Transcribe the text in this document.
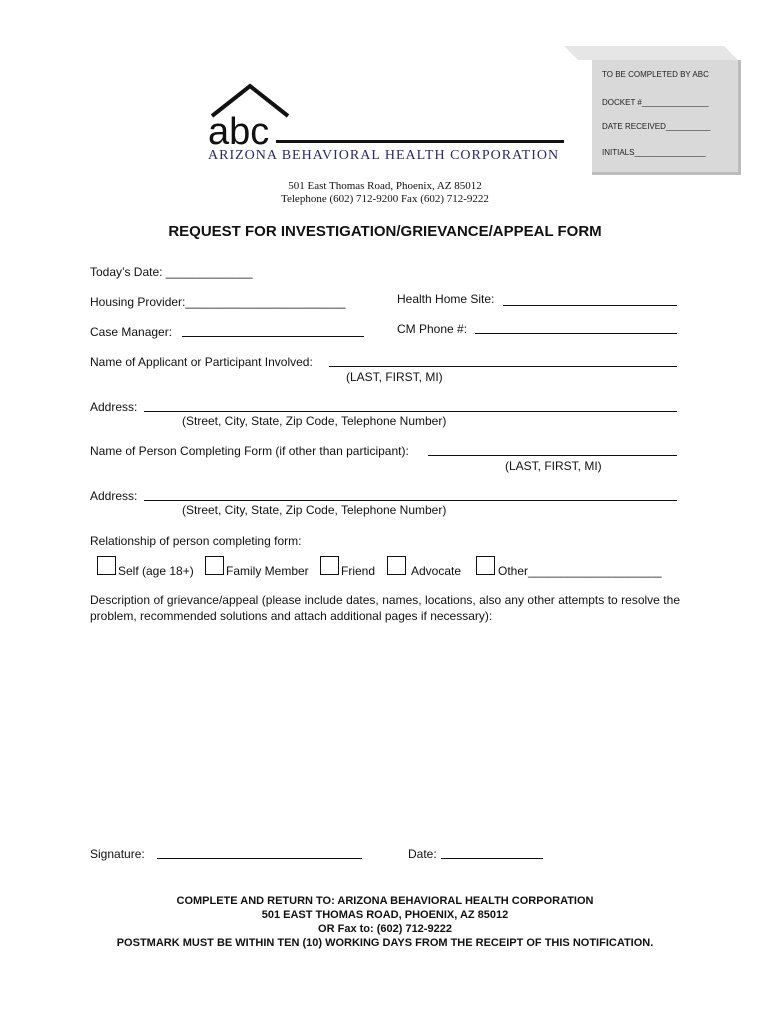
TO BE COMPLETED BY ABC
DOCKET #_______________
DATE RECEIVED__________
INITIALS________________
abc
ARIZONA BEHAVIORAL HEALTH CORPORATION
501 East Thomas Road, Phoenix, AZ 85012
Telephone (602) 712-9200 Fax (602) 712-9222
REQUEST FOR INVESTIGATION/GRIEVANCE/APPEAL FORM
Today’s Date: _____________
Housing Provider:________________________	Health Home Site:
Case Manager:	CM Phone #:
Name of Applicant or Participant Involved:
(LAST, FIRST, MI)
Address:
(Street, City, State, Zip Code, Telephone Number)
Name of Person Completing Form (if other than participant):
(LAST, FIRST, MI)
Address:
(Street, City, State, Zip Code, Telephone Number)
Relationship of person completing form:
Self (age 18+)	Family Member	Friend	Advocate	Other____________________
Description of grievance/appeal (please include dates, names, locations, also any other attempts to resolve the problem, recommended solutions and attach additional pages if necessary):
Signature:	Date:
COMPLETE AND RETURN TO: ARIZONA BEHAVIORAL HEALTH CORPORATION
501 EAST THOMAS ROAD, PHOENIX, AZ 85012
OR Fax to: (602) 712-9222
POSTMARK MUST BE WITHIN TEN (10) WORKING DAYS FROM THE RECEIPT OF THIS NOTIFICATION.
